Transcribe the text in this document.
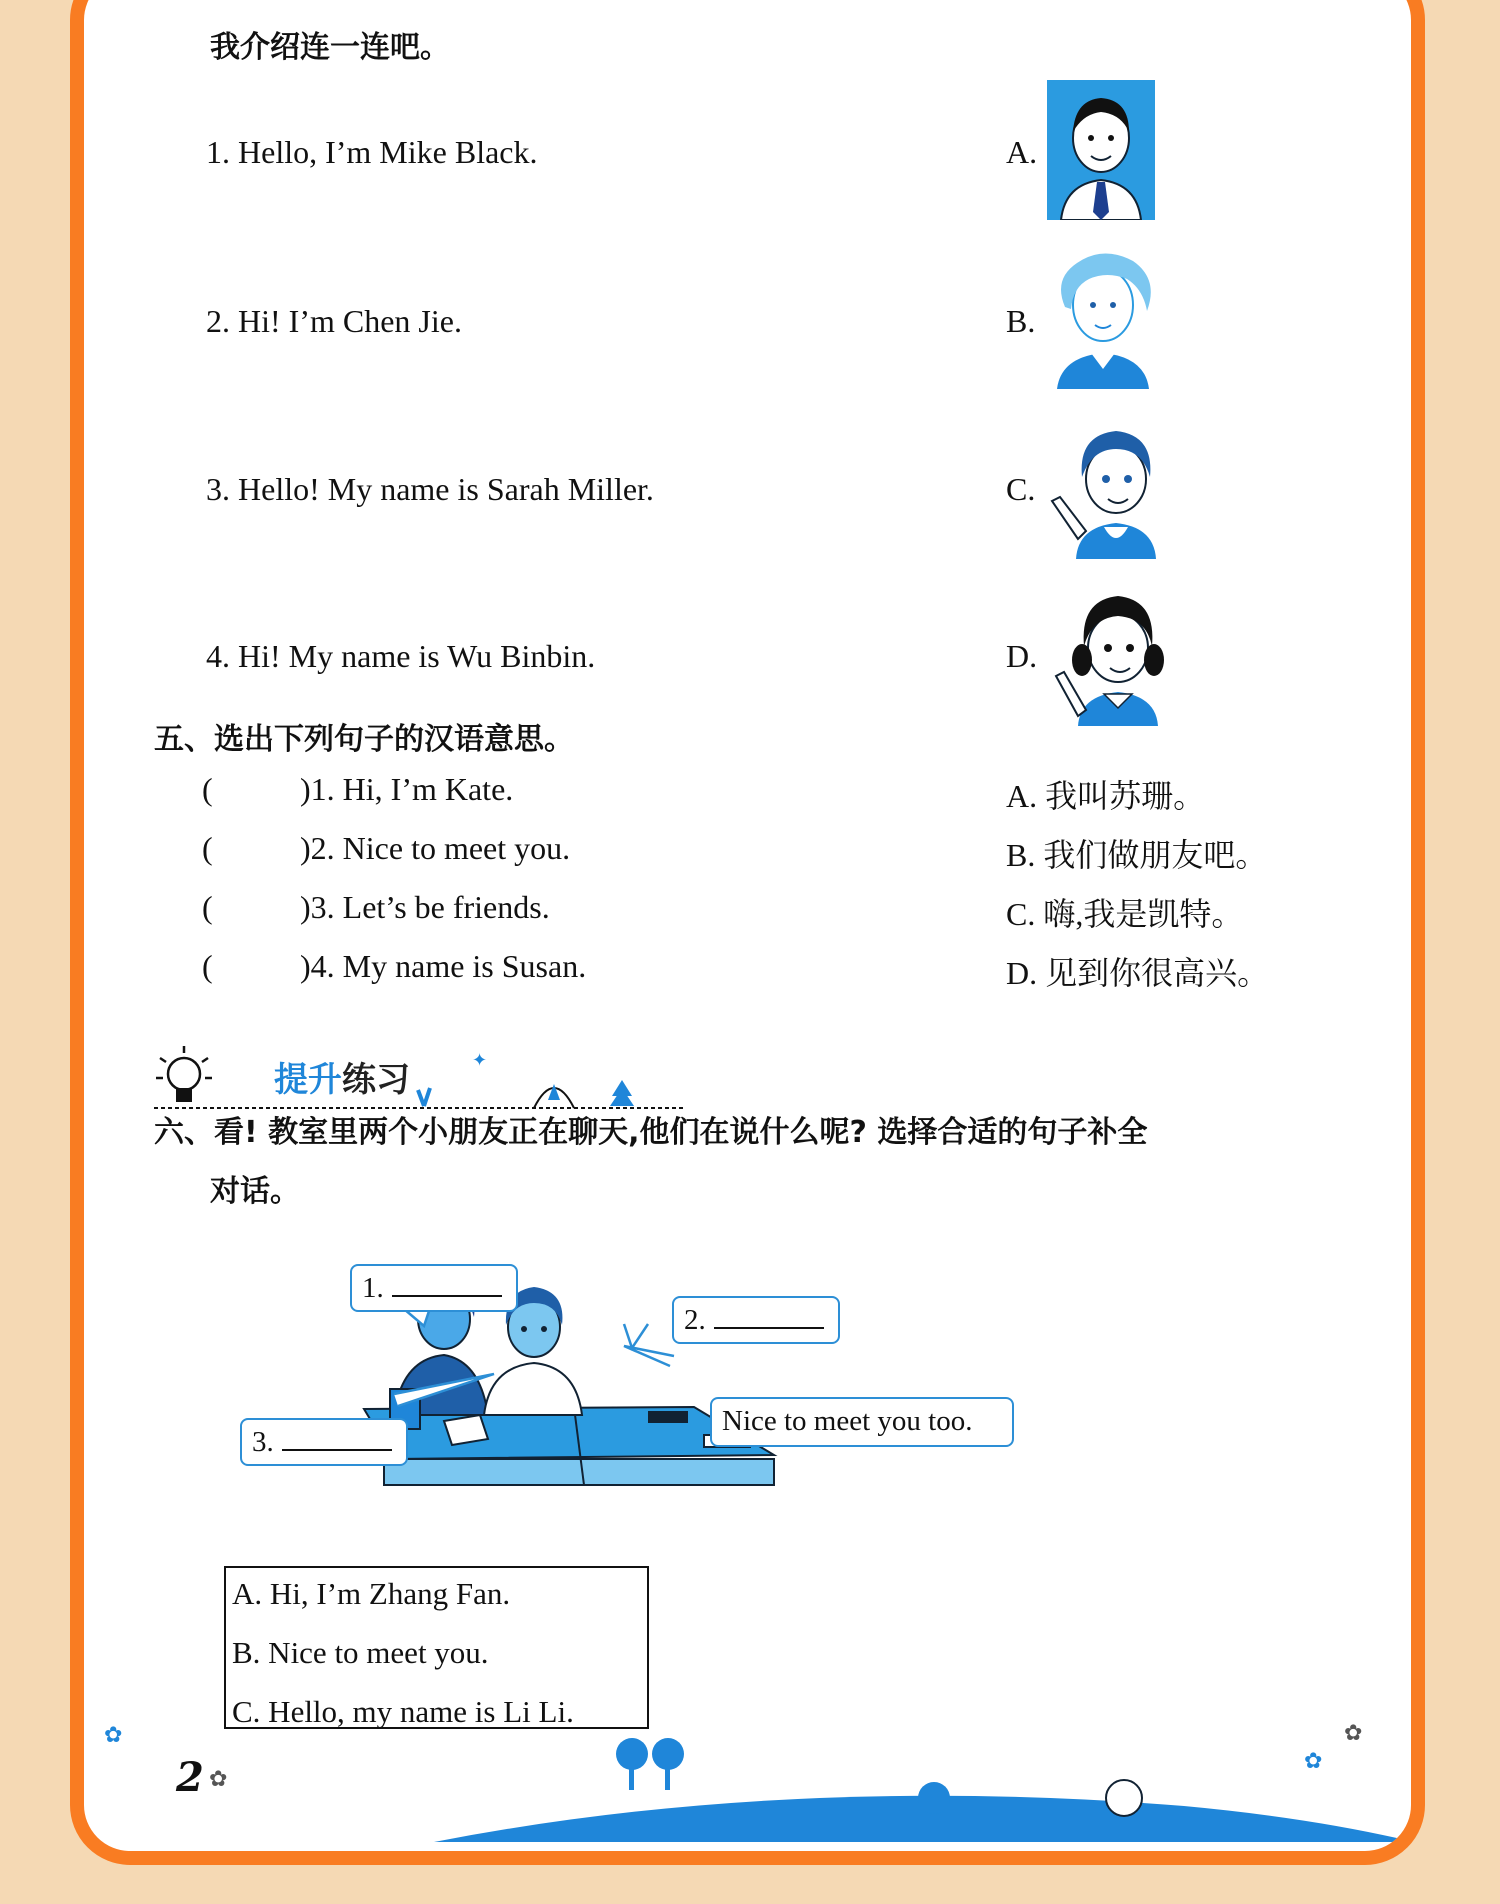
我介绍连一连吧。
1. Hello, I’m Mike Black.
2. Hi! I’m Chen Jie.
3. Hello! My name is Sarah Miller.
4. Hi! My name is Wu Binbin.
A.
B.
C.
D.
五、选出下列句子的汉语意思。
(	)1. Hi, I’m Kate.	A. 我叫苏珊。
(	)2. Nice to meet you.	B. 我们做朋友吧。
(	)3. Let’s be friends.	C. 嗨,我是凯特。
(	)4. My name is Susan.	D. 见到你很高兴。
✦
提升练习
六、看! 教室里两个小朋友正在聊天,他们在说什么呢? 选择合适的句子补全
对话。
1.
2.
Nice to meet you too.
3.
A. Hi, I’m Zhang Fan.
B. Nice to meet you.
C. Hello, my name is Li Li.
2
✿
✿
✿
✿
